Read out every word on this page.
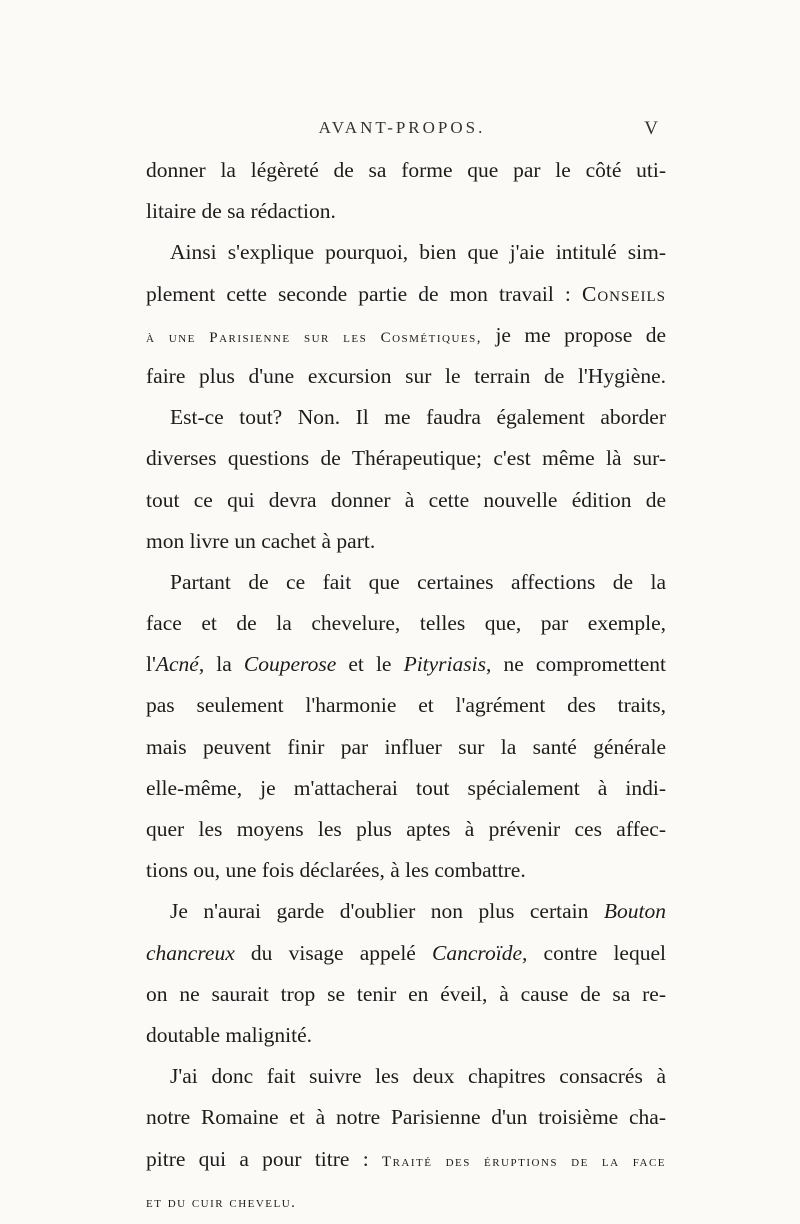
AVANT-PROPOS.	V
donner la légèreté de sa forme que par le côté uti-
litaire de sa rédaction.
Ainsi s'explique pourquoi, bien que j'aie intitulé sim-
plement cette seconde partie de mon travail : Conseils
à une Parisienne sur les Cosmétiques, je me propose de
faire plus d'une excursion sur le terrain de l'Hygiène.
Est-ce tout? Non. Il me faudra également aborder
diverses questions de Thérapeutique; c'est même là sur-
tout ce qui devra donner à cette nouvelle édition de
mon livre un cachet à part.
Partant de ce fait que certaines affections de la
face et de la chevelure, telles que, par exemple,
l'Acné, la Couperose et le Pityriasis, ne compromettent
pas seulement l'harmonie et l'agrément des traits,
mais peuvent finir par influer sur la santé générale
elle-même, je m'attacherai tout spécialement à indi-
quer les moyens les plus aptes à prévenir ces affec-
tions ou, une fois déclarées, à les combattre.
Je n'aurai garde d'oublier non plus certain Bouton
chancreux du visage appelé Cancroïde, contre lequel
on ne saurait trop se tenir en éveil, à cause de sa re-
doutable malignité.
J'ai donc fait suivre les deux chapitres consacrés à
notre Romaine et à notre Parisienne d'un troisième cha-
pitre qui a pour titre : Traité des éruptions de la face
et du cuir chevelu.
